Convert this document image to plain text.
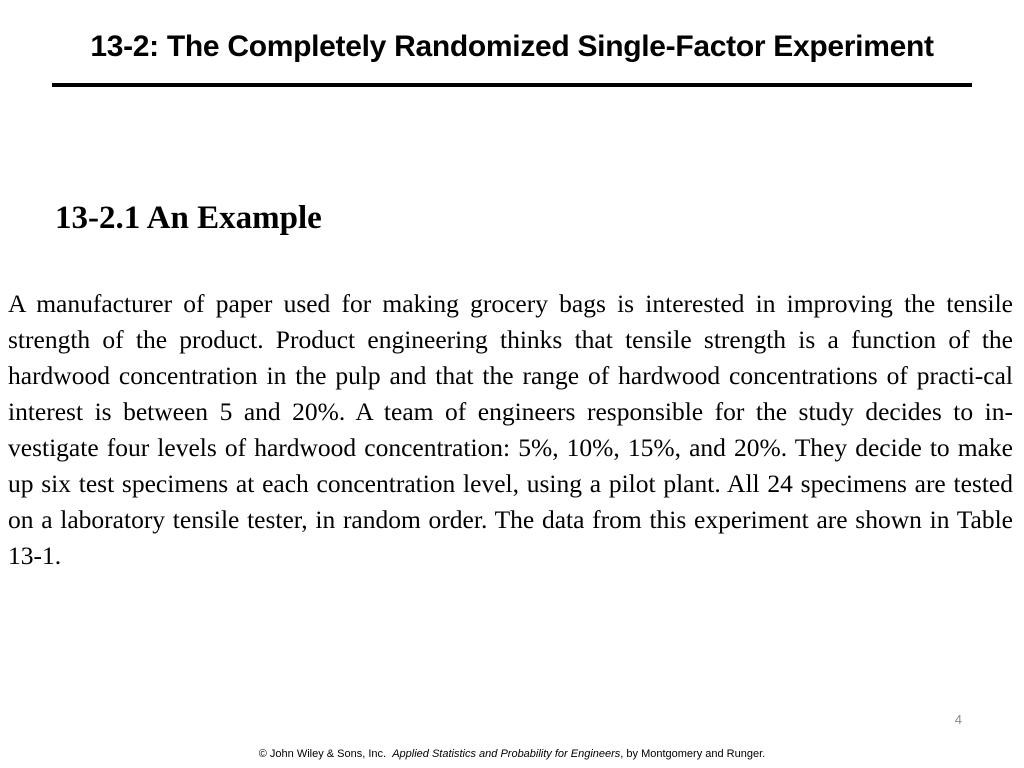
13-2: The Completely Randomized Single-Factor Experiment
13-2.1 An Example

A manufacturer of paper used for making grocery bags is interested in improving the tensile strength of the product. Product engineering thinks that tensile strength is a function of the hardwood concentration in the pulp and that the range of hardwood concentrations of practi-cal interest is between 5 and 20%. A team of engineers responsible for the study decides to in-vestigate four levels of hardwood concentration: 5%, 10%, 15%, and 20%. They decide to make up six test specimens at each concentration level, using a pilot plant. All 24 specimens are tested on a laboratory tensile tester, in random order. The data from this experiment are shown in Table 13-1.

4
© John Wiley & Sons, Inc. Applied Statistics and Probability for Engineers, by Montgomery and Runger.
